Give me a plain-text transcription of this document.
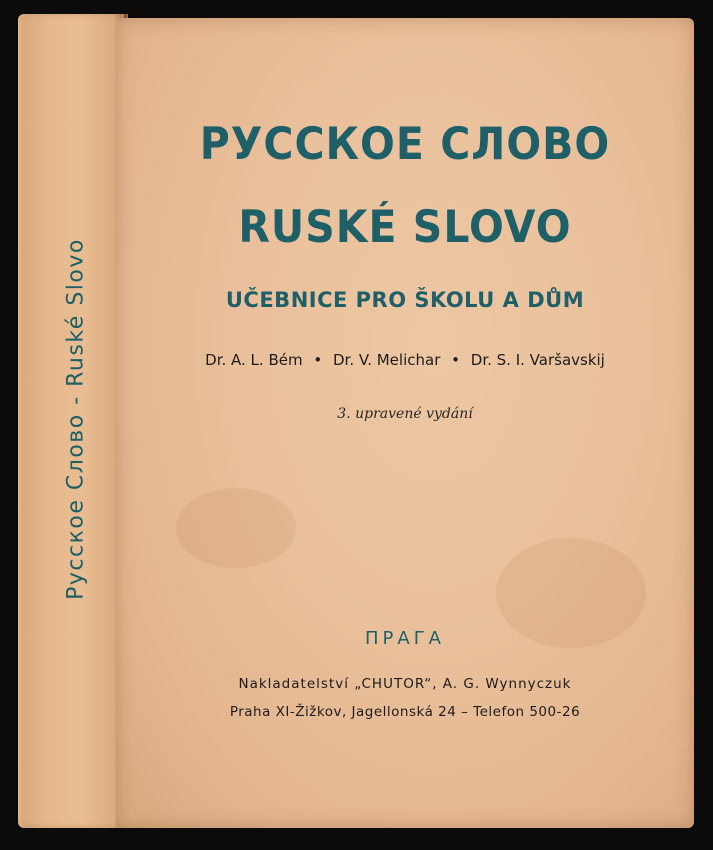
Русское Слово - Ruské Slovo
РУССКОЕ СЛОВО
RUSKÉ SLOVO
UČEBNICE PRO ŠKOLU A DŮM
Dr. A. L. Bém • Dr. V. Melichar • Dr. S. I. Varšavskij
3. upravené vydání
ПРАГА
Nakladatelství „CHUTOR“, A. G. Wynnyczuk
Praha XI-Žižkov, Jagellonská 24 – Telefon 500-26
